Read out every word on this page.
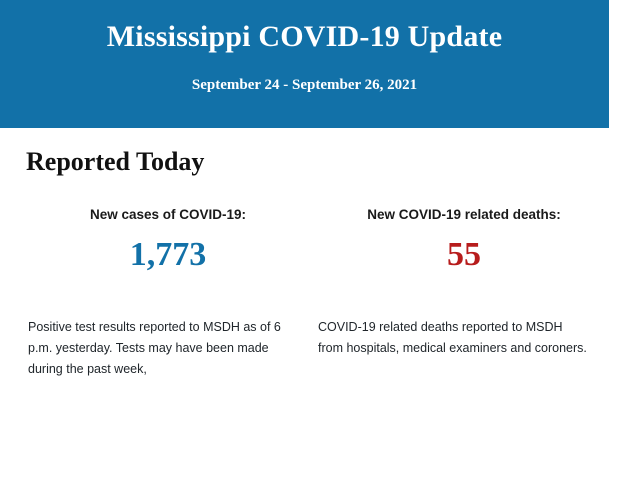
Mississippi COVID-19 Update
September 24 - September 26, 2021
Reported Today
New cases of COVID-19:
1,773
New COVID-19 related deaths:
55
Positive test results reported to MSDH as of 6 p.m. yesterday. Tests may have been made during the past week,
COVID-19 related deaths reported to MSDH from hospitals, medical examiners and coroners.
